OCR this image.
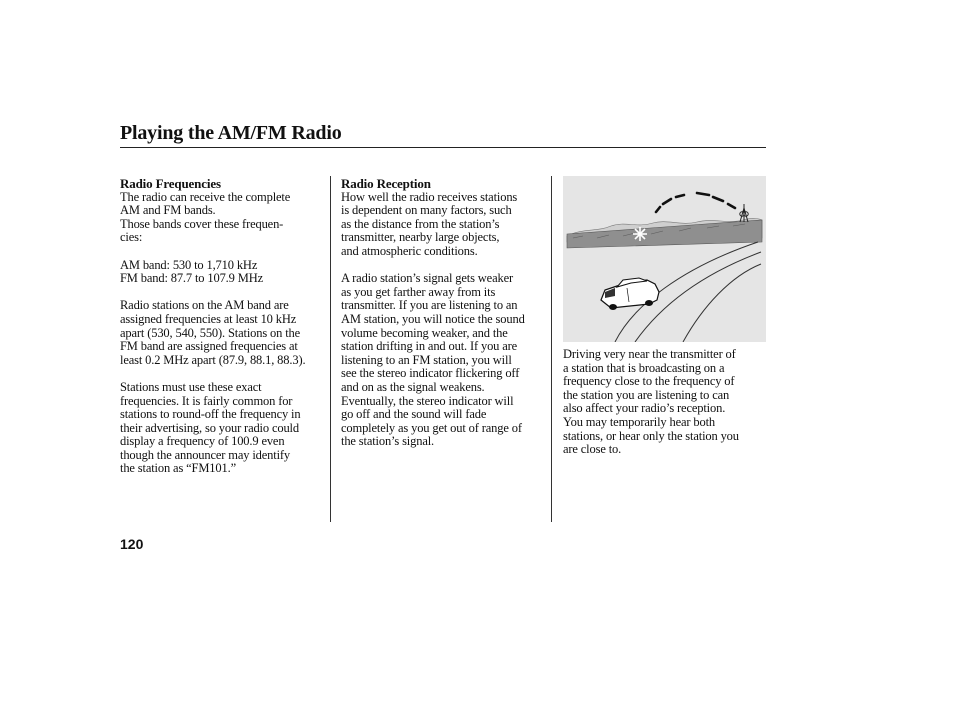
Playing the AM/FM Radio
Radio Frequencies

The radio can receive the complete
AM and FM bands.

Those bands cover these frequen-
cies:

AM band: 530 to 1,710 kHz
FM band: 87.7 to 107.9 MHz

Radio stations on the AM band are
assigned frequencies at least 10 kHz
apart (530, 540, 550). Stations on the
FM band are assigned frequencies at
least 0.2 MHz apart (87.9, 88.1, 88.3).

Stations must use these exact
frequencies. It is fairly common for
stations to round-off the frequency in
their advertising, so your radio could
display a frequency of 100.9 even
though the announcer may identify
the station as “FM101.”

Radio Reception

How well the radio receives stations
is dependent on many factors, such
as the distance from the station’s
transmitter, nearby large objects,
and atmospheric conditions.

A radio station’s signal gets weaker
as you get farther away from its
transmitter. If you are listening to an
AM station, you will notice the sound
volume becoming weaker, and the
station drifting in and out. If you are
listening to an FM station, you will
see the stereo indicator flickering off
and on as the signal weakens.
Eventually, the stereo indicator will
go off and the sound will fade
completely as you get out of range of
the station’s signal.

Driving very near the transmitter of
a station that is broadcasting on a
frequency close to the frequency of
the station you are listening to can
also affect your radio’s reception.
You may temporarily hear both
stations, or hear only the station you
are close to.

120
